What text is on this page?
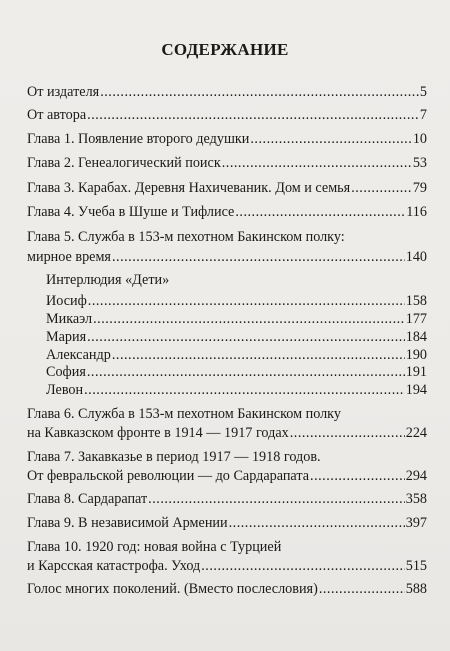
СОДЕРЖАНИЕ
От издателя .....	5
От автора .....	7
Глава 1. Появление второго дедушки .....	10
Глава 2. Генеалогический поиск .....	53
Глава 3. Карабах. Деревня Нахичеваник. Дом и семья .....	79
Глава 4. Учеба в Шуше и Тифлисе .....	116
Глава 5. Служба в 153-м пехотном Бакинском полку:
мирное время .....	140
Интерлюдия «Дети»
Иосиф .....	158
Микаэл .....	177
Мария .....	184
Александр .....	190
София .....	191
Левон .....	194
Глава 6. Служба в 153-м пехотном Бакинском полку
на Кавказском фронте в 1914 — 1917 годах .....	224
Глава 7. Закавказье в период 1917 — 1918 годов.
От февральской революции — до Сардарапата .....	294
Глава 8. Сардарапат .....	358
Глава 9. В независимой Армении .....	397
Глава 10. 1920 год: новая война с Турцией
и Карсская катастрофа. Уход .....	515
Голос многих поколений. (Вместо послесловия) .....	588
